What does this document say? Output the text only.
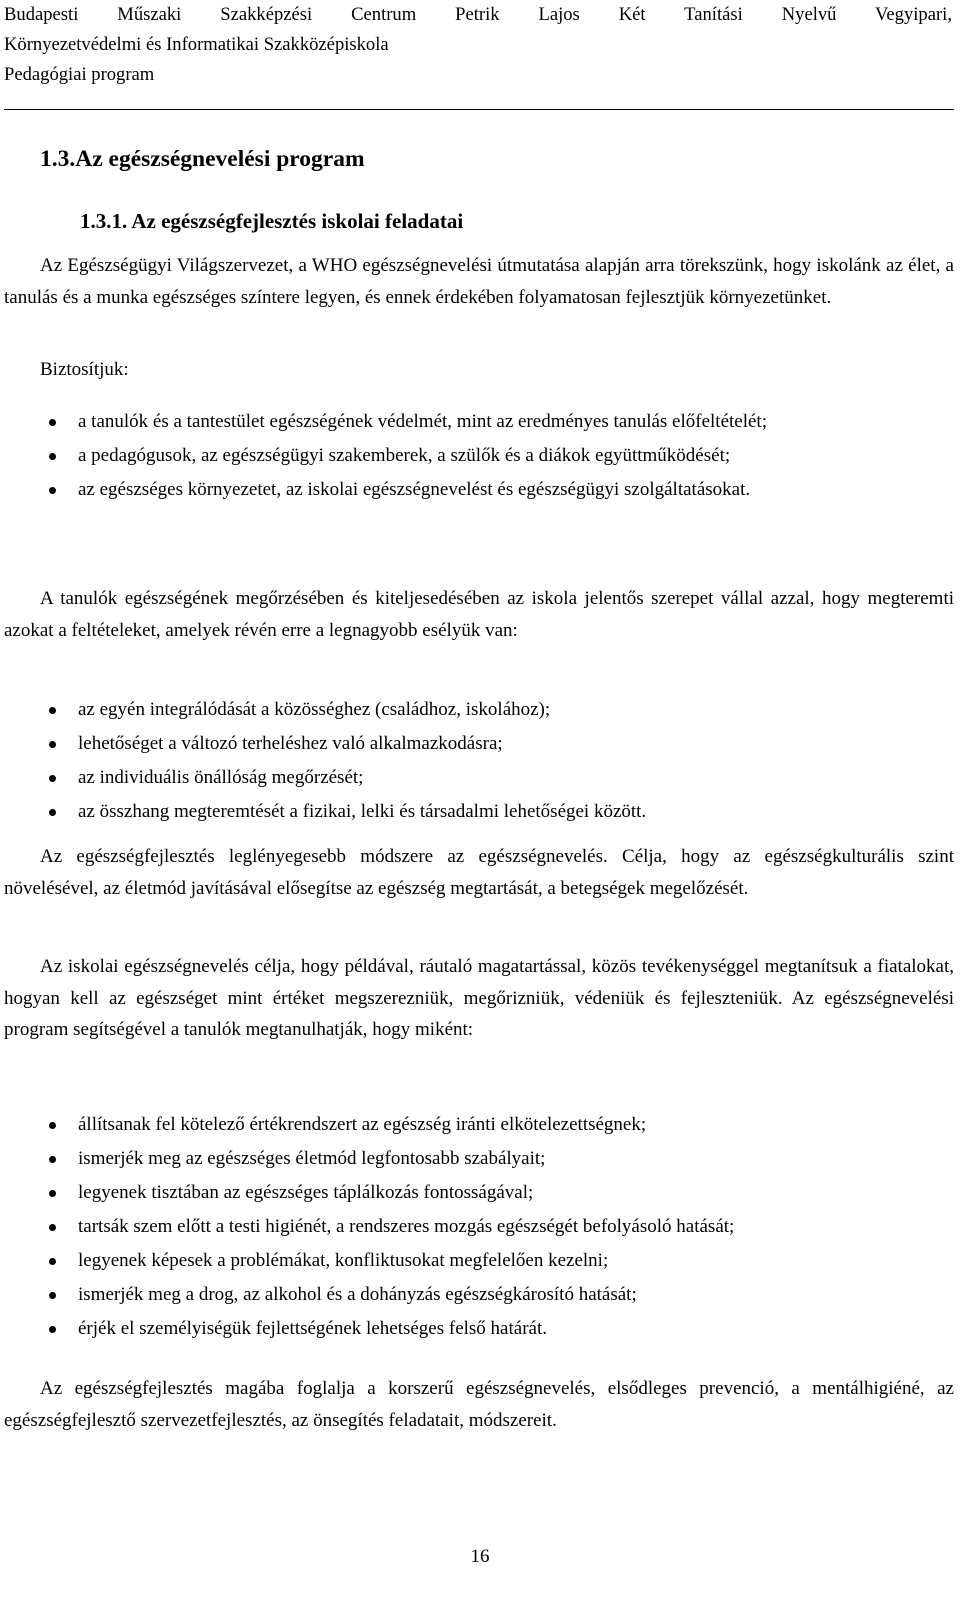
Budapesti Műszaki Szakképzési Centrum Petrik Lajos Két Tanítási Nyelvű Vegyipari,
Környezetvédelmi és Informatikai Szakközépiskola
Pedagógiai program
1.3.Az egészségnevelési program
1.3.1. Az egészségfejlesztés iskolai feladatai
Az Egészségügyi Világszervezet, a WHO egészségnevelési útmutatása alapján arra törekszünk, hogy iskolánk az élet, a tanulás és a munka egészséges színtere legyen, és ennek érdekében folyamatosan fejlesztjük környezetünket.
Biztosítjuk:
a tanulók és a tantestület egészségének védelmét, mint az eredményes tanulás előfeltételét;
a pedagógusok, az egészségügyi szakemberek, a szülők és a diákok együttműködését;
az egészséges környezetet, az iskolai egészségnevelést és egészségügyi szolgáltatásokat.
A tanulók egészségének megőrzésében és kiteljesedésében az iskola jelentős szerepet vállal azzal, hogy megteremti azokat a feltételeket, amelyek révén erre a legnagyobb esélyük van:
az egyén integrálódását a közösséghez (családhoz, iskolához);
lehetőséget a változó terheléshez való alkalmazkodásra;
az individuális önállóság megőrzését;
az összhang megteremtését a fizikai, lelki és társadalmi lehetőségei között.
Az egészségfejlesztés leglényegesebb módszere az egészségnevelés. Célja, hogy az egészségkulturális szint növelésével, az életmód javításával elősegítse az egészség megtartását, a betegségek megelőzését.
Az iskolai egészségnevelés célja, hogy példával, ráutaló magatartással, közös tevékenységgel megtanítsuk a fiatalokat, hogyan kell az egészséget mint értéket megszerezniük, megőrizniük, védeniük és fejleszteniük. Az egészségnevelési program segítségével a tanulók megtanulhatják, hogy miként:
állítsanak fel kötelező értékrendszert az egészség iránti elkötelezettségnek;
ismerjék meg az egészséges életmód legfontosabb szabályait;
legyenek tisztában az egészséges táplálkozás fontosságával;
tartsák szem előtt a testi higiénét, a rendszeres mozgás egészségét befolyásoló hatását;
legyenek képesek a problémákat, konfliktusokat megfelelően kezelni;
ismerjék meg a drog, az alkohol és a dohányzás egészségkárosító hatását;
érjék el személyiségük fejlettségének lehetséges felső határát.
Az egészségfejlesztés magába foglalja a korszerű egészségnevelés, elsődleges prevenció, a mentálhigiéné, az egészségfejlesztő szervezetfejlesztés, az önsegítés feladatait, módszereit.
16
